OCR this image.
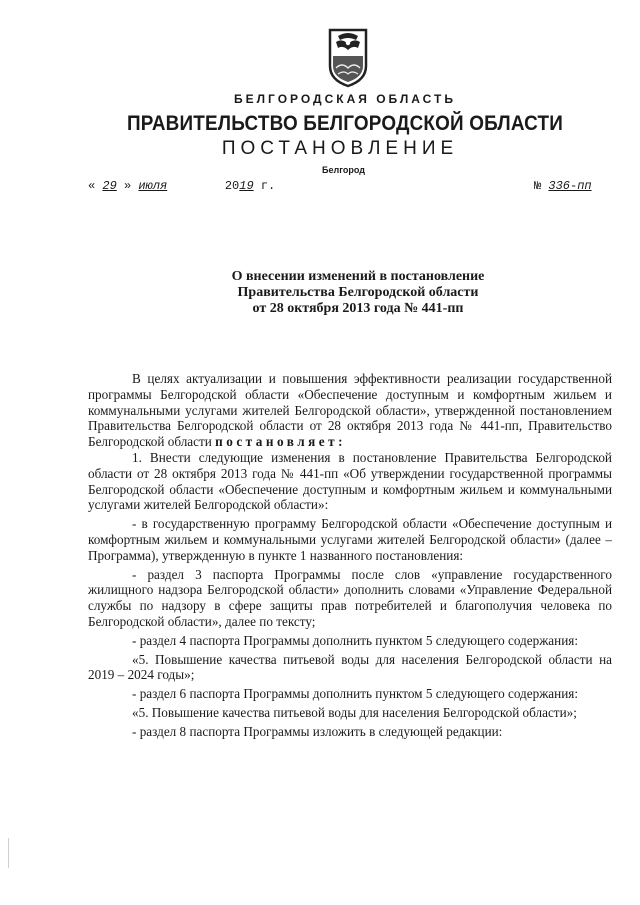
БЕЛГОРОДСКАЯ ОБЛАСТЬ
ПРАВИТЕЛЬСТВО БЕЛГОРОДСКОЙ ОБЛАСТИ
ПОСТАНОВЛЕНИЕ
Белгород
« 29 » июля	2019 г.	№ 336-пп
О внесении изменений в постановление
Правительства Белгородской области
от 28 октября 2013 года № 441-пп

В целях актуализации и повышения эффективности реализации государственной программы Белгородской области «Обеспечение доступным и комфортным жильем и коммунальными услугами жителей Белгородской области», утвержденной постановлением Правительства Белгородской области от 28 октября 2013 года № 441-пп, Правительство Белгородской области постановляет:

1. Внести следующие изменения в постановление Правительства Белгородской области от 28 октября 2013 года № 441-пп «Об утверждении государственной программы Белгородской области «Обеспечение доступным и комфортным жильем и коммунальными услугами жителей Белгородской области»:

- в государственную программу Белгородской области «Обеспечение доступным и комфортным жильем и коммунальными услугами жителей Белгородской области» (далее – Программа), утвержденную в пункте 1 названного постановления:

- раздел 3 паспорта Программы после слов «управление государственного жилищного надзора Белгородской области» дополнить словами «Управление Федеральной службы по надзору в сфере защиты прав потребителей и благополучия человека по Белгородской области», далее по тексту;

- раздел 4 паспорта Программы дополнить пунктом 5 следующего содержания:

«5. Повышение качества питьевой воды для населения Белгородской области на 2019 – 2024 годы»;

- раздел 6 паспорта Программы дополнить пунктом 5 следующего содержания:

«5. Повышение качества питьевой воды для населения Белгородской области»;

- раздел 8 паспорта Программы изложить в следующей редакции:
